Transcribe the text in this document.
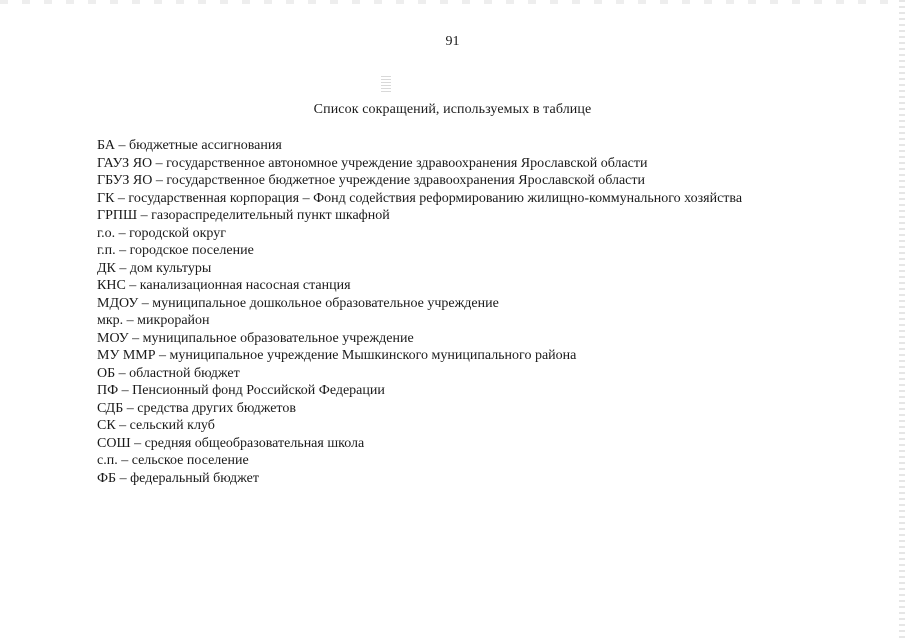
91
Список сокращений, используемых в таблице
БА – бюджетные ассигнования
ГАУЗ ЯО – государственное автономное учреждение здравоохранения Ярославской области
ГБУЗ ЯО – государственное бюджетное учреждение здравоохранения Ярославской области
ГК – государственная корпорация – Фонд содействия реформированию жилищно-коммунального хозяйства
ГРПШ – газораспределительный пункт шкафной
г.о. – городской округ
г.п. – городское поселение
ДК – дом культуры
КНС – канализационная насосная станция
МДОУ – муниципальное дошкольное образовательное учреждение
мкр. – микрорайон
МОУ – муниципальное образовательное учреждение
МУ ММР – муниципальное учреждение Мышкинского муниципального района
ОБ – областной бюджет
ПФ – Пенсионный фонд Российской Федерации
СДБ – средства других бюджетов
СК – сельский клуб
СОШ – средняя общеобразовательная школа
с.п. – сельское поселение
ФБ – федеральный бюджет
